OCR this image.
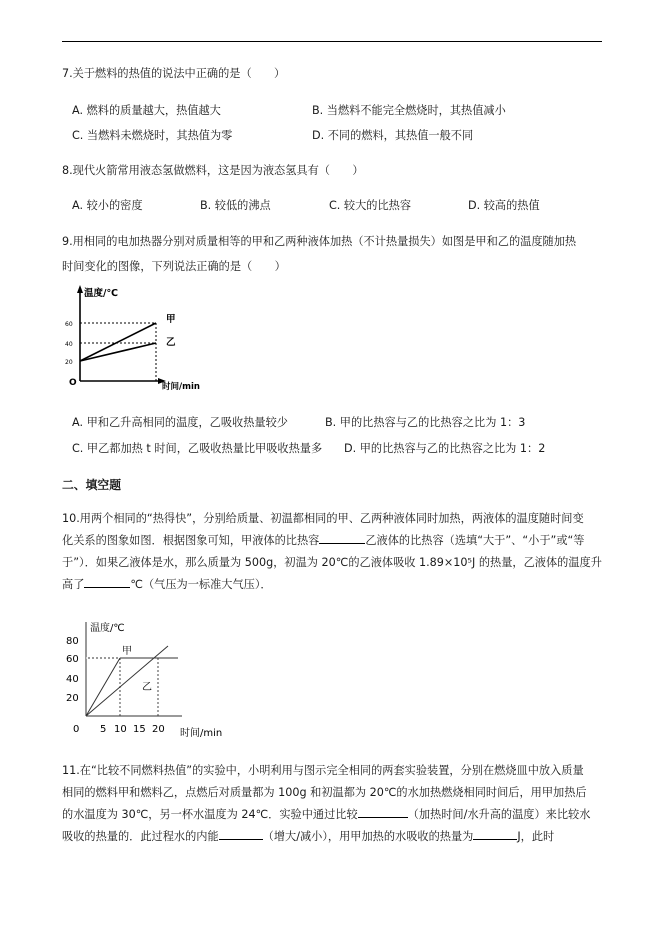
7.关于燃料的热值的说法中正确的是（　　）
A. 燃料的质量越大，热值越大	B. 当燃料不能完全燃烧时，其热值减小
C. 当燃料未燃烧时，其热值为零	D. 不同的燃料，其热值一般不同
8.现代火箭常用液态氢做燃料，这是因为液态氢具有（　　）
A. 较小的密度	B. 较低的沸点	C. 较大的比热容	D. 较高的热值
9.用相同的电加热器分别对质量相等的甲和乙两种液体加热（不计热量损失）如图是甲和乙的温度随加热
时间变化的图像，下列说法正确的是（　　）
温度/℃
60
40
20
O
甲
乙
时间/min
A. 甲和乙升高相同的温度，乙吸收热量较少	B. 甲的比热容与乙的比热容之比为 1：3
C. 甲乙都加热 t 时间，乙吸收热量比甲吸收热量多 D. 甲的比热容与乙的比热容之比为 1：2
二、填空题
10.用两个相同的“热得快”，分别给质量、初温都相同的甲、乙两种液体同时加热，两液体的温度随时间变
化关系的图象如图．根据图象可知，甲液体的比热容	乙液体的比热容（选填“大于”、“小于”或“等
于”）．如果乙液体是水，那么质量为 500g，初温为 20℃的乙液体吸收 1.89×10⁵J 的热量，乙液体的温度升
高了	℃（气压为一标准大气压）．
温度/℃
80
60
40
20
0 5 10 15 20 时间/min
甲
乙
11.在“比较不同燃料热值”的实验中，小明利用与图示完全相同的两套实验装置，分别在燃烧皿中放入质量
相同的燃料甲和燃料乙，点燃后对质量都为 100g 和初温都为 20℃的水加热燃烧相同时间后，用甲加热后
的水温度为 30℃，另一杯水温度为 24℃．实验中通过比较	（加热时间/水升高的温度）来比较水
吸收的热量的．此过程水的内能	（增大/减小），用甲加热的水吸收的热量为	J，此时
